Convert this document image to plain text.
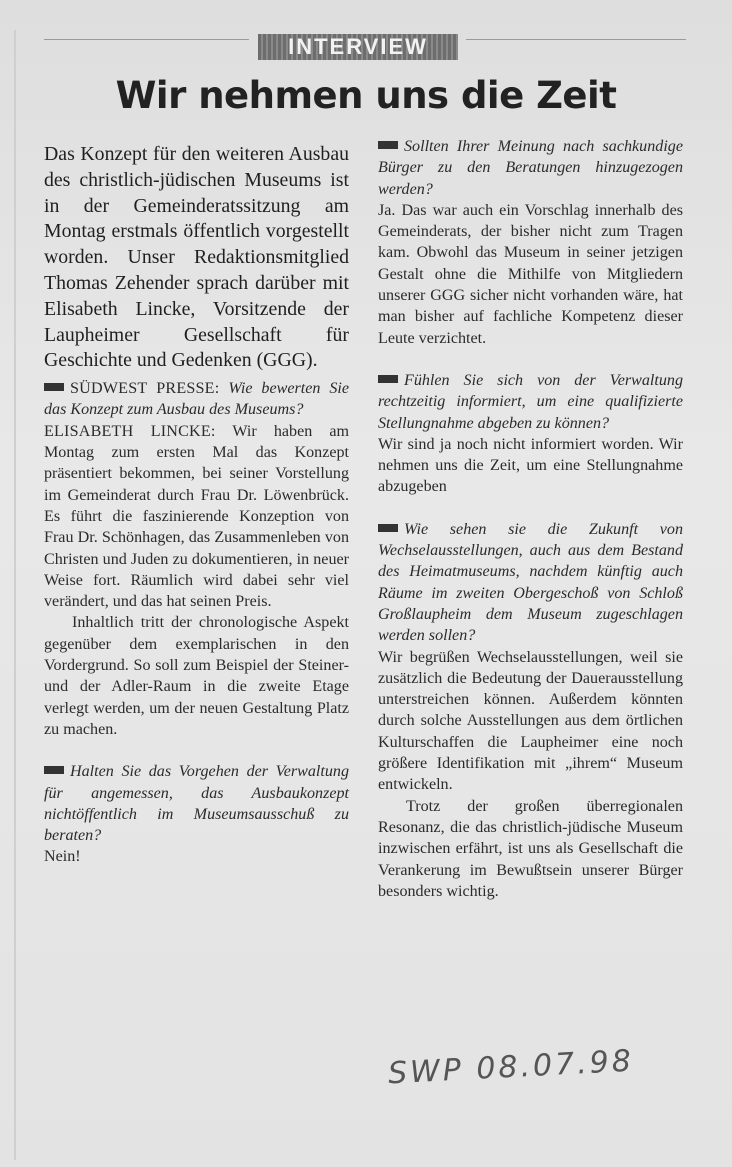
INTERVIEW
Wir nehmen uns die Zeit

Das Konzept für den weiteren Ausbau des christlich-jüdischen Museums ist in der Gemeinderatssitzung am Montag erstmals öffentlich vorgestellt worden. Unser Redaktionsmitglied Thomas Zehender sprach darüber mit Elisabeth Lincke, Vorsitzende der Laupheimer Gesellschaft für Geschichte und Gedenken (GGG).

SÜDWEST PRESSE: Wie bewerten Sie das Konzept zum Ausbau des Museums?

ELISABETH LINCKE: Wir haben am Montag zum ersten Mal das Konzept präsentiert bekommen, bei seiner Vorstellung im Gemeinderat durch Frau Dr. Löwenbrück. Es führt die faszinierende Konzeption von Frau Dr. Schönhagen, das Zusammenleben von Christen und Juden zu dokumentieren, in neuer Weise fort. Räumlich wird dabei sehr viel verändert, und das hat seinen Preis.

Inhaltlich tritt der chronologische Aspekt gegenüber dem exemplarischen in den Vordergrund. So soll zum Beispiel der Steiner- und der Adler-Raum in die zweite Etage verlegt werden, um der neuen Gestaltung Platz zu machen.

Halten Sie das Vorgehen der Verwaltung für angemessen, das Ausbaukonzept nichtöffentlich im Museumsausschuß zu beraten?

Nein!

Sollten Ihrer Meinung nach sachkundige Bürger zu den Beratungen hinzugezogen werden?

Ja. Das war auch ein Vorschlag innerhalb des Gemeinderats, der bisher nicht zum Tragen kam. Obwohl das Museum in seiner jetzigen Gestalt ohne die Mithilfe von Mitgliedern unserer GGG sicher nicht vorhanden wäre, hat man bisher auf fachliche Kompetenz dieser Leute verzichtet.

Fühlen Sie sich von der Verwaltung rechtzeitig informiert, um eine qualifizierte Stellungnahme abgeben zu können?

Wir sind ja noch nicht informiert worden. Wir nehmen uns die Zeit, um eine Stellungnahme abzugeben

Wie sehen sie die Zukunft von Wechselausstellungen, auch aus dem Bestand des Heimatmuseums, nachdem künftig auch Räume im zweiten Obergeschoß von Schloß Großlaupheim dem Museum zugeschlagen werden sollen?

Wir begrüßen Wechselausstellungen, weil sie zusätzlich die Bedeutung der Dauerausstellung unterstreichen können. Außerdem könnten durch solche Ausstellungen aus dem örtlichen Kulturschaffen die Laupheimer eine noch größere Identifikation mit „ihrem“ Museum entwickeln.

Trotz der großen überregionalen Resonanz, die das christlich-jüdische Museum inzwischen erfährt, ist uns als Gesellschaft die Verankerung im Bewußtsein unserer Bürger besonders wichtig.

SWP 08.07.98
